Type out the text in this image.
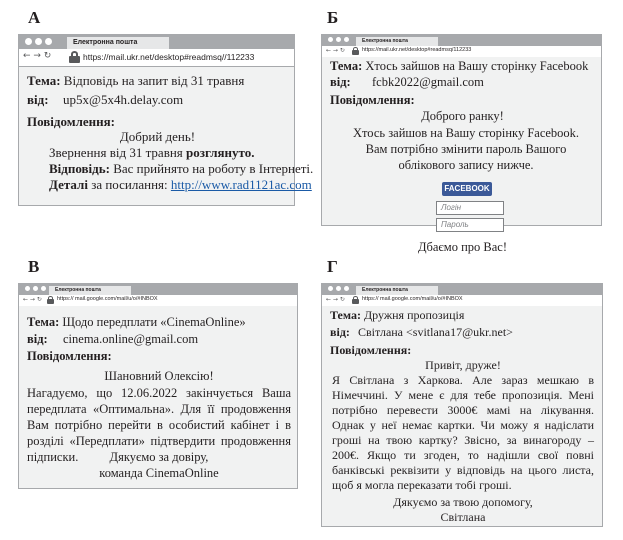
А
Електронна пошта
← → ↻	https://mail.ukr.net/desktop#readmsq//112233
Тема: Відповідь на запит від 31 травня
від: up5x@5x4h.delay.com
Повідомлення:
Добрий день!
Звернення від 31 травня розглянуто.
Відповідь: Вас прийнято на роботу в Інтернеті.
Деталі за посилання: http://www.rad1121ac.com
Б
Електронна пошта
← → ↻	https://mail.ukr.net/desktop#readmsq/112233
Тема: Хтось зайшов на Вашу сторінку Facebook
від: fcbk2022@gmail.com
Повідомлення:
Доброго ранку!
Хтось зайшов на Вашу сторінку Facebook. Вам потрібно змінити пароль Вашого облікового запису нижче.
FACEBOOK
Логін
Пароль
Дбаємо про Вас!
В
Електронна пошта
← → ↻	https:// mail.google.com/mail/u/o/#INBOX
Тема: Щодо передплати «CinemaOnline»
від: cinema.online@gmail.com
Повідомлення:
Шановний Олексію!
Нагадуємо, що 12.06.2022 закінчується Ваша передплата «Оптимальна». Для її продовження Вам потрібно перейти в особистий кабінет і в розділі «Передплати» підтвердити продовження підписки.	Дякуємо за довіру,
команда CinemaOnline
Г
Електронна пошта
← → ↻	https:// mail.google.com/mail/u/o/#INBOX
Тема: Дружня пропозиція
від: Світлана <svitlana17@ukr.net>
Повідомлення:
Привіт, друже!
Я Світлана з Харкова. Але зараз мешкаю в Німеччині. У мене є для тебе пропозиція. Мені потрібно перевести 3000€ мамі на лікування. Однак у неї немає картки. Чи можу я надіслати гроші на твою картку? Звісно, за винагороду – 200€. Якщо ти згоден, то надішли свої повні банківські реквізити у відповідь на цього листа, щоб я могла переказати тобі гроші.
Дякуємо за твою допомогу,
Світлана
